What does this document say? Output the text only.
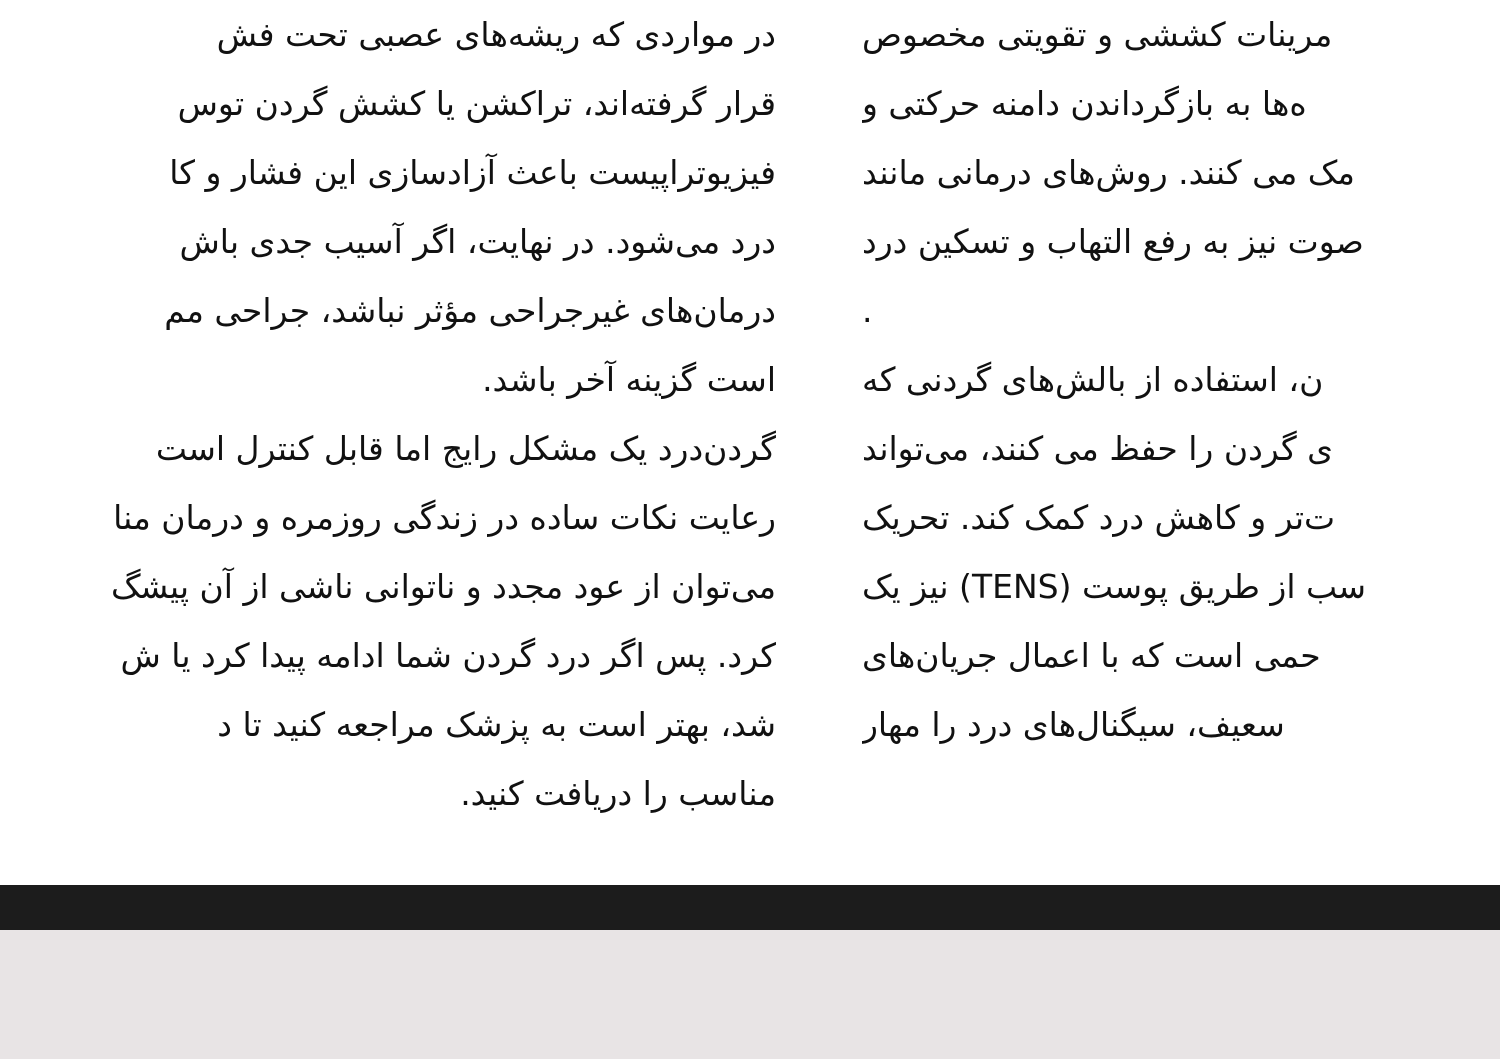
مرینات کششی و تقویتی مخصوص
ه‌ها به بازگرداندن دامنه حرکتی و
مک می کنند. روش‌های درمانی مانند
صوت نیز به رفع التهاب و تسکین درد
.
ن، استفاده از بالش‌های گردنی که
ی گردن را حفظ می کنند، می‌تواند
ت‌تر و کاهش درد کمک کند. تحریک
سب از طریق پوست (TENS) نیز یک
حمی است که با اعمال جریان‌های
سعیف، سیگنال‌های درد را مهار
در مواردی که ریشه‌های عصبی تحت فش
قرار گرفته‌اند، تراکشن یا کشش گردن توس
فیزیوتراپیست باعث آزادسازی این فشار و کا
درد می‌شود. در نهایت، اگر آسیب جدی باش
درمان‌های غیرجراحی مؤثر نباشد، جراحی مم
است گزینه آخر باشد.
گردن‌درد یک مشکل رایج اما قابل کنترل است
رعایت نکات ساده در زندگی روزمره و درمان منا
می‌توان از عود مجدد و ناتوانی ناشی از آن پیشگ
کرد. پس اگر درد گردن شما ادامه پیدا کرد یا ش
شد، بهتر است به پزشک مراجعه کنید تا د
مناسب را دریافت کنید.
